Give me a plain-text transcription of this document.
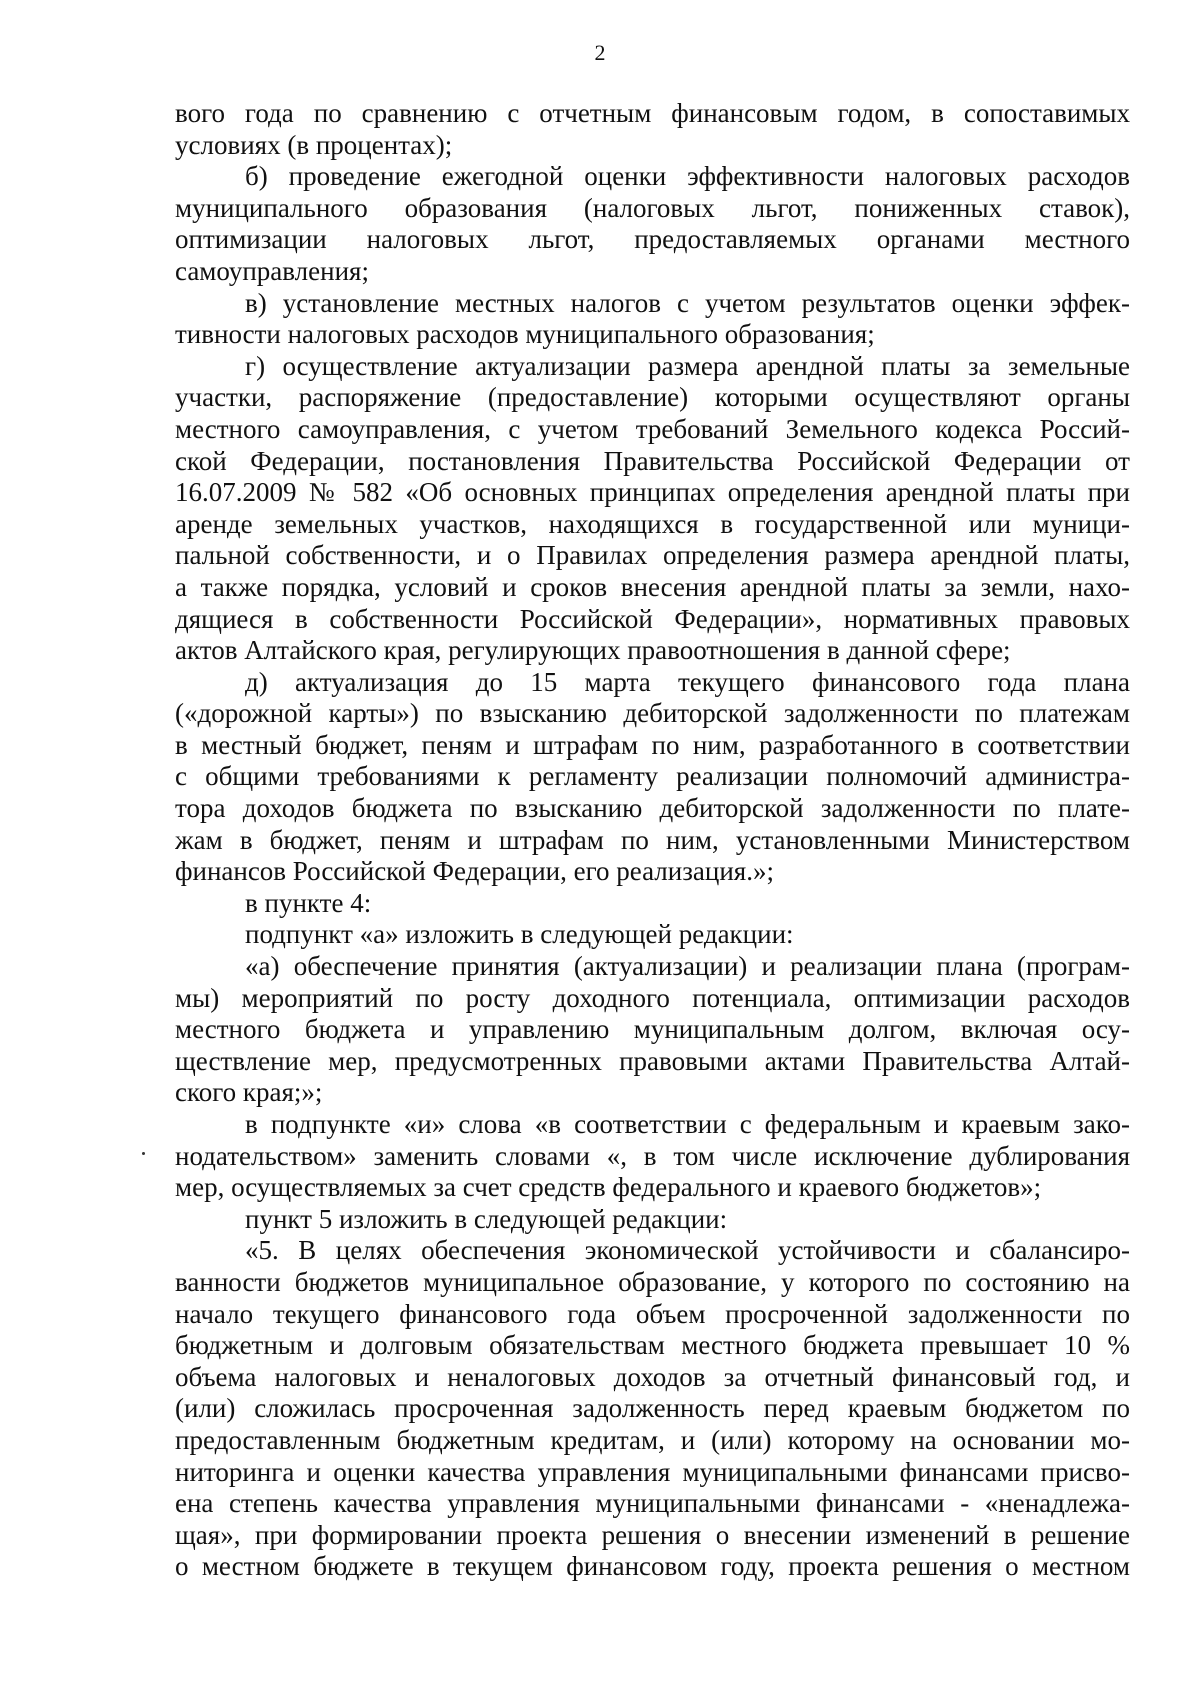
2
вого года по сравнению с отчетным финансовым годом, в сопоставимых
условиях (в процентах);
б) проведение ежегодной оценки эффективности налоговых расходов
муниципального образования (налоговых льгот, пониженных ставок),
оптимизации налоговых льгот, предоставляемых органами местного
самоуправления;
в) установление местных налогов с учетом результатов оценки эффек-
тивности налоговых расходов муниципального образования;
г) осуществление актуализации размера арендной платы за земельные
участки, распоряжение (предоставление) которыми осуществляют органы
местного самоуправления, с учетом требований Земельного кодекса Россий-
ской Федерации, постановления Правительства Российской Федерации от
16.07.2009 № 582 «Об основных принципах определения арендной платы при
аренде земельных участков, находящихся в государственной или муници-
пальной собственности, и о Правилах определения размера арендной платы,
а также порядка, условий и сроков внесения арендной платы за земли, нахо-
дящиеся в собственности Российской Федерации», нормативных правовых
актов Алтайского края, регулирующих правоотношения в данной сфере;
д) актуализация до 15 марта текущего финансового года плана
(«дорожной карты») по взысканию дебиторской задолженности по платежам
в местный бюджет, пеням и штрафам по ним, разработанного в соответствии
с общими требованиями к регламенту реализации полномочий администра-
тора доходов бюджета по взысканию дебиторской задолженности по плате-
жам в бюджет, пеням и штрафам по ним, установленными Министерством
финансов Российской Федерации, его реализация.»;
в пункте 4:
подпункт «а» изложить в следующей редакции:
«а) обеспечение принятия (актуализации) и реализации плана (програм-
мы) мероприятий по росту доходного потенциала, оптимизации расходов
местного бюджета и управлению муниципальным долгом, включая осу-
ществление мер, предусмотренных правовыми актами Правительства Алтай-
ского края;»;
в подпункте «и» слова «в соответствии с федеральным и краевым зако-
нодательством» заменить словами «, в том числе исключение дублирования
мер, осуществляемых за счет средств федерального и краевого бюджетов»;
пункт 5 изложить в следующей редакции:
«5. В целях обеспечения экономической устойчивости и сбалансиро-
ванности бюджетов муниципальное образование, у которого по состоянию на
начало текущего финансового года объем просроченной задолженности по
бюджетным и долговым обязательствам местного бюджета превышает 10 %
объема налоговых и неналоговых доходов за отчетный финансовый год, и
(или) сложилась просроченная задолженность перед краевым бюджетом по
предоставленным бюджетным кредитам, и (или) которому на основании мо-
ниторинга и оценки качества управления муниципальными финансами присво-
ена степень качества управления муниципальными финансами - «ненадлежа-
щая», при формировании проекта решения о внесении изменений в решение
о местном бюджете в текущем финансовом году, проекта решения о местном
